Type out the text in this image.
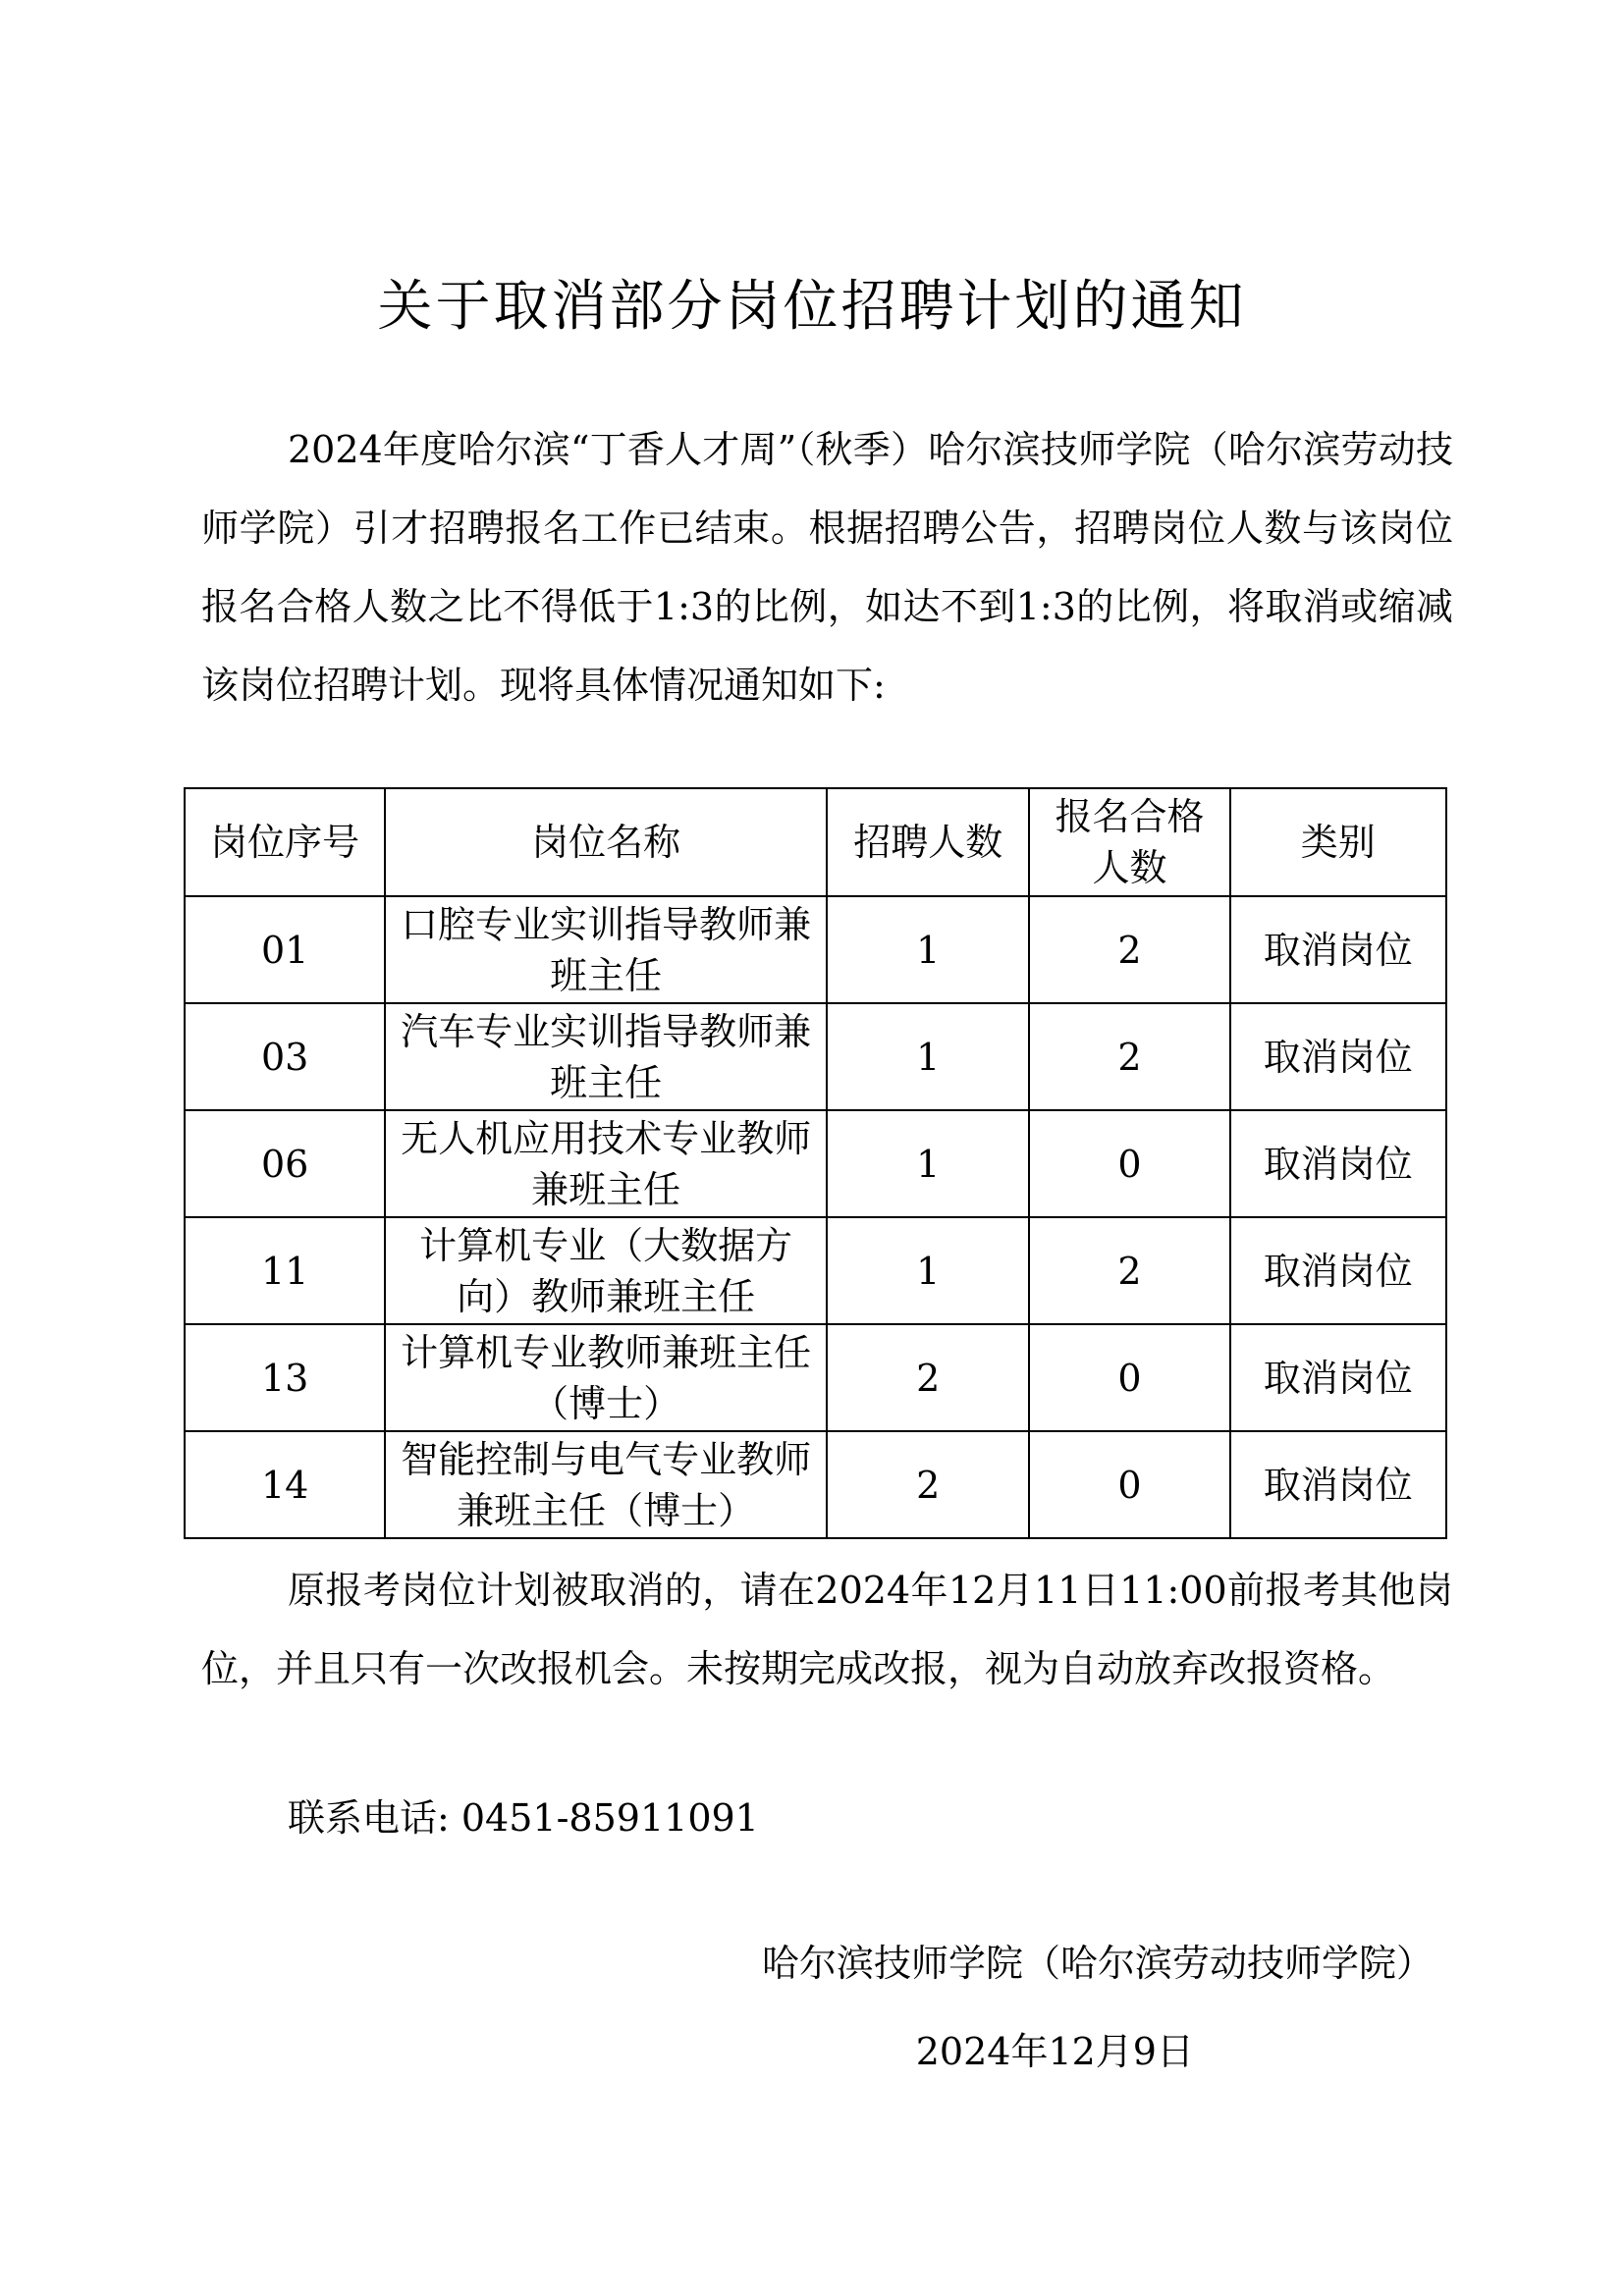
关于取消部分岗位招聘计划的通知

2024年度哈尔滨“丁香人才周”（秋季）哈尔滨技师学院（哈尔滨劳动技师学院）引才招聘报名工作已结束。根据招聘公告，招聘岗位人数与该岗位报名合格人数之比不得低于1:3的比例，如达不到1:3的比例，将取消或缩减该岗位招聘计划。现将具体情况通知如下:

岗位序号	岗位名称	招聘人数	报名合格人数	类别
01	口腔专业实训指导教师兼班主任	1	2	取消岗位
03	汽车专业实训指导教师兼班主任	1	2	取消岗位
06	无人机应用技术专业教师兼班主任	1	0	取消岗位
11	计算机专业（大数据方向）教师兼班主任	1	2	取消岗位
13	计算机专业教师兼班主任（博士）	2	0	取消岗位
14	智能控制与电气专业教师兼班主任（博士）	2	0	取消岗位

原报考岗位计划被取消的，请在2024年12月11日11:00前报考其他岗位，并且只有一次改报机会。未按期完成改报，视为自动放弃改报资格。

联系电话: 0451-85911091
哈尔滨技师学院（哈尔滨劳动技师学院）
2024年12月9日
